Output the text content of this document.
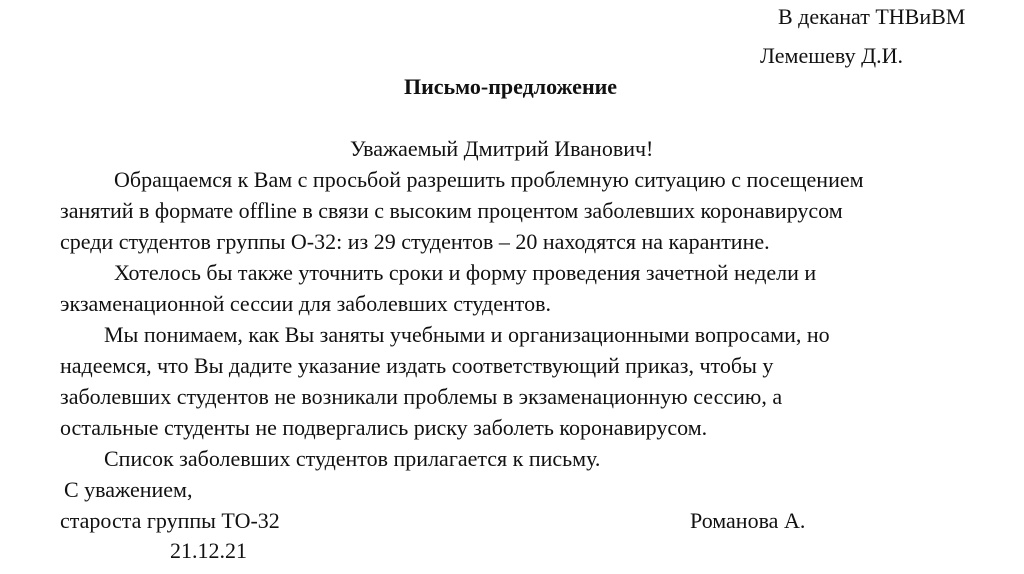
В деканат ТНВиВМ
Лемешеву Д.И.
Письмо-предложение
Уважаемый Дмитрий Иванович!
Обращаемся к Вам с просьбой разрешить проблемную ситуацию с посещением
занятий в формате offline в связи с высоким процентом заболевших коронавирусом
среди студентов группы О-32: из 29 студентов – 20 находятся на карантине.
Хотелось бы также уточнить сроки и форму проведения зачетной недели и
экзаменационной сессии для заболевших студентов.
Мы понимаем, как Вы заняты учебными и организационными вопросами, но
надеемся, что Вы дадите указание издать соответствующий приказ, чтобы у
заболевших студентов не возникали проблемы в экзаменационную сессию, а
остальные студенты не подвергались риску заболеть коронавирусом.
Список заболевших студентов прилагается к письму.
С уважением,
староста группы ТО-32	Романова А.
21.12.21
